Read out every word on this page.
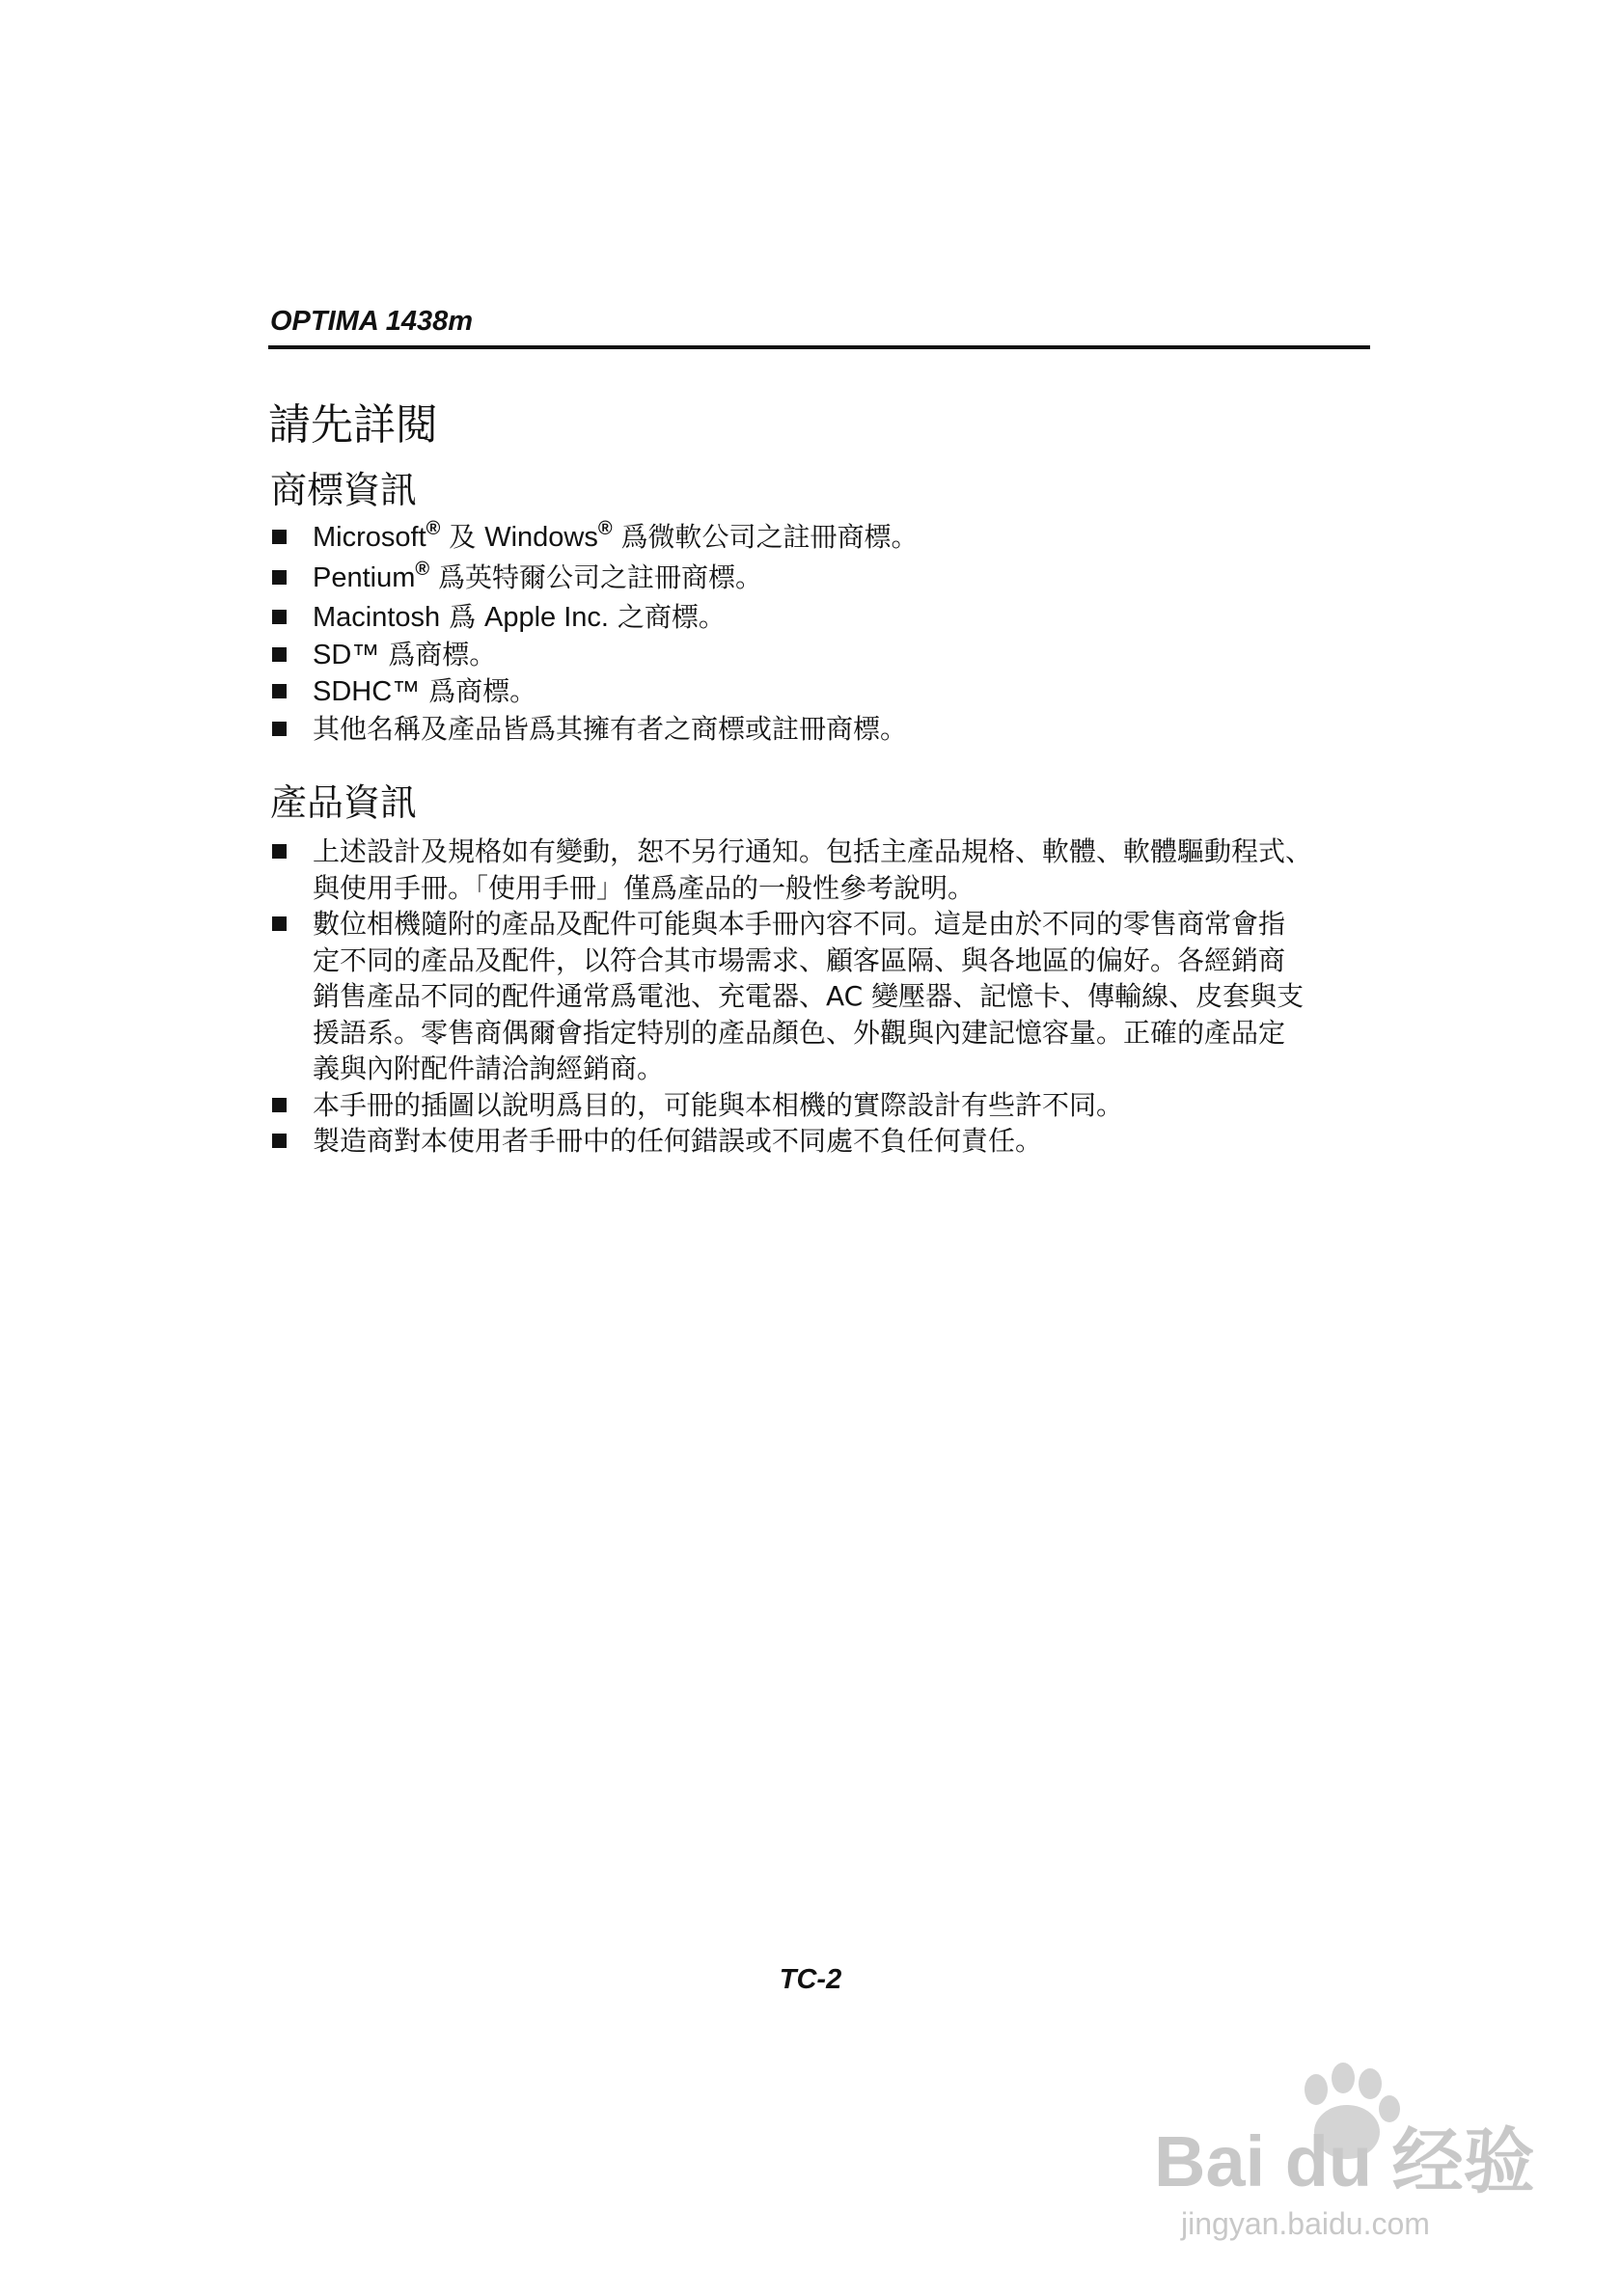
OPTIMA 1438m
請先詳閱
商標資訊
Microsoft® 及 Windows® 爲微軟公司之註冊商標。
Pentium® 爲英特爾公司之註冊商標。
Macintosh 爲 Apple Inc. 之商標。
SD™ 爲商標。
SDHC™ 爲商標。
其他名稱及產品皆爲其擁有者之商標或註冊商標。
產品資訊
上述設計及規格如有變動，恕不另行通知。包括主產品規格、軟體、軟體驅動程式、
與使用手冊。「使用手冊」僅爲產品的一般性參考說明。
數位相機隨附的產品及配件可能與本手冊內容不同。這是由於不同的零售商常會指
定不同的產品及配件，以符合其市場需求、顧客區隔、與各地區的偏好。各經銷商
銷售產品不同的配件通常爲電池、充電器、AC 變壓器、記憶卡、傳輸線、皮套與支
援語系。零售商偶爾會指定特別的產品顏色、外觀與內建記憶容量。正確的產品定
義與內附配件請洽詢經銷商。
本手冊的插圖以說明爲目的，可能與本相機的實際設計有些許不同。
製造商對本使用者手冊中的任何錯誤或不同處不負任何責任。
TC-2
Bai du 经验
jingyan.baidu.com
